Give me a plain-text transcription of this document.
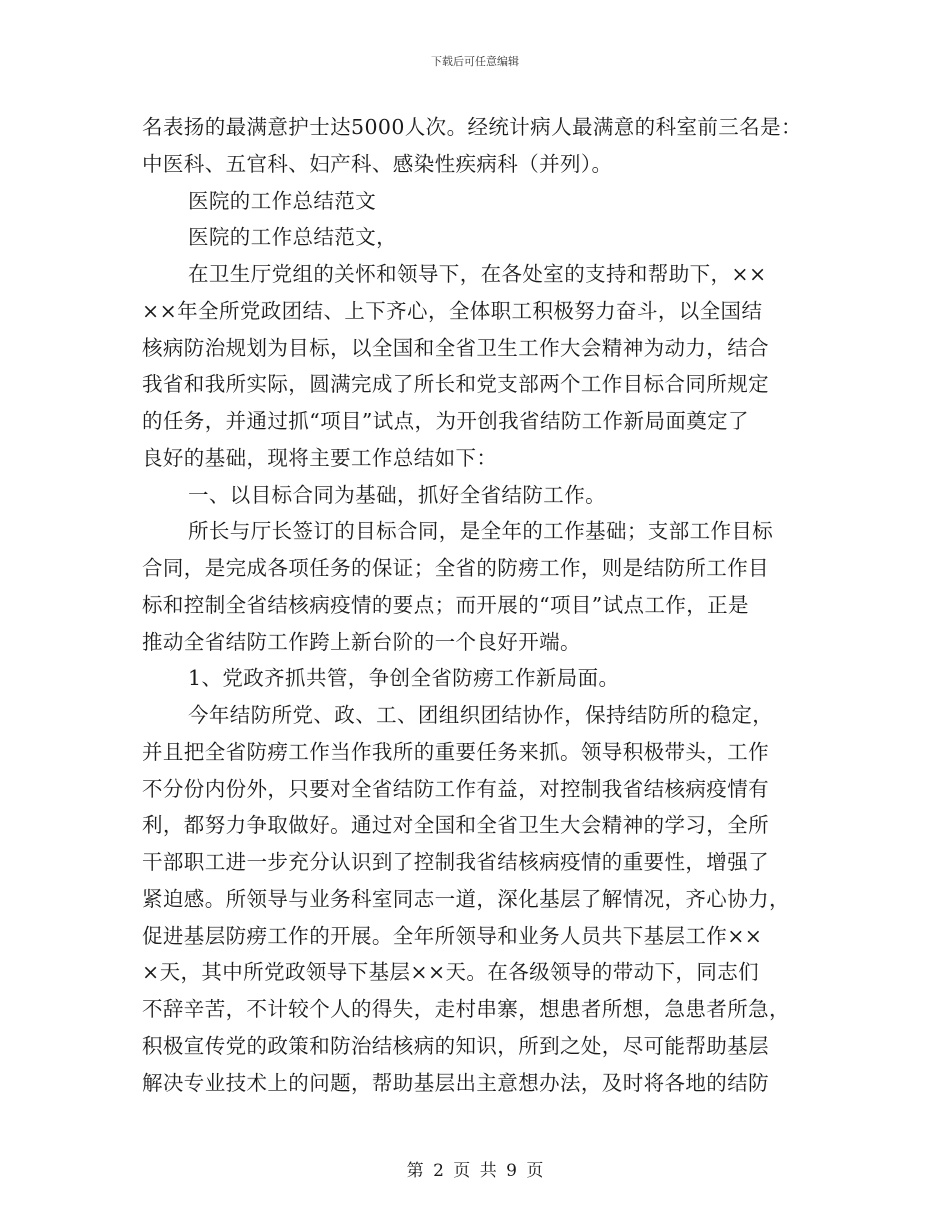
下载后可任意编辑
名表扬的最满意护士达5000人次。经统计病人最满意的科室前三名是：
中医科、五官科、妇产科、感染性疾病科（并列）。
医院的工作总结范文
医院的工作总结范文，
在卫生厅党组的关怀和领导下，在各处室的支持和帮助下，××
××年全所党政团结、上下齐心，全体职工积极努力奋斗，以全国结
核病防治规划为目标，以全国和全省卫生工作大会精神为动力，结合
我省和我所实际，圆满完成了所长和党支部两个工作目标合同所规定
的任务，并通过抓“项目”试点，为开创我省结防工作新局面奠定了
良好的基础，现将主要工作总结如下：
一、以目标合同为基础，抓好全省结防工作。
所长与厅长签订的目标合同，是全年的工作基础；支部工作目标
合同，是完成各项任务的保证；全省的防痨工作，则是结防所工作目
标和控制全省结核病疫情的要点；而开展的“项目”试点工作，正是
推动全省结防工作跨上新台阶的一个良好开端。
1、党政齐抓共管，争创全省防痨工作新局面。
今年结防所党、政、工、团组织团结协作，保持结防所的稳定，
并且把全省防痨工作当作我所的重要任务来抓。领导积极带头，工作
不分份内份外，只要对全省结防工作有益，对控制我省结核病疫情有
利，都努力争取做好。通过对全国和全省卫生大会精神的学习，全所
干部职工进一步充分认识到了控制我省结核病疫情的重要性，增强了
紧迫感。所领导与业务科室同志一道，深化基层了解情况，齐心协力，
促进基层防痨工作的开展。全年所领导和业务人员共下基层工作××
×天，其中所党政领导下基层××天。在各级领导的带动下，同志们
不辞辛苦，不计较个人的得失，走村串寨，想患者所想，急患者所急，
积极宣传党的政策和防治结核病的知识，所到之处，尽可能帮助基层
解决专业技术上的问题，帮助基层出主意想办法，及时将各地的结防
第 2 页 共 9 页
